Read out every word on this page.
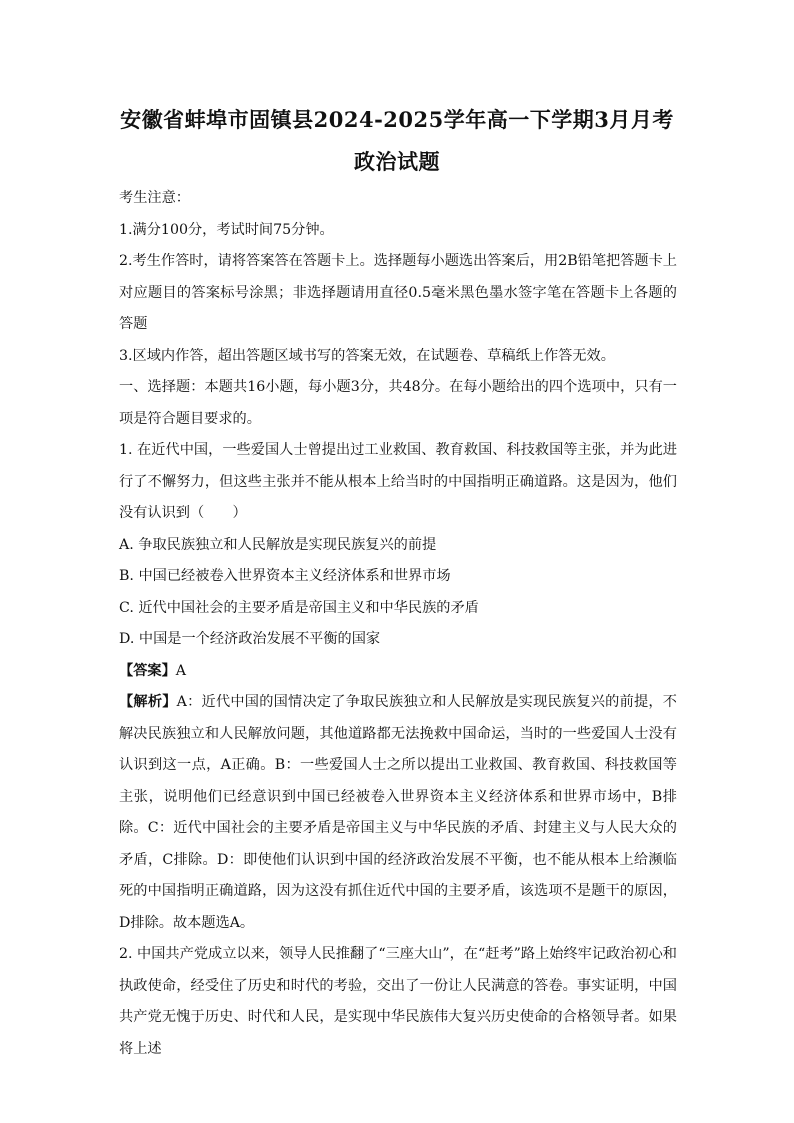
安徽省蚌埠市固镇县2024-2025学年高一下学期3月月考
政治试题

考生注意：

1.满分100分，考试时间75分钟。

2.考生作答时，请将答案答在答题卡上。选择题每小题选出答案后，用2B铅笔把答题卡上对应题目的答案标号涂黑；非选择题请用直径0.5毫米黑色墨水签字笔在答题卡上各题的答题

3.区域内作答，超出答题区域书写的答案无效，在试题卷、草稿纸上作答无效。

一、选择题：本题共16小题，每小题3分，共48分。在每小题给出的四个选项中，只有一项是符合题目要求的。

1. 在近代中国，一些爱国人士曾提出过工业救国、教育救国、科技救国等主张，并为此进行了不懈努力，但这些主张并不能从根本上给当时的中国指明正确道路。这是因为，他们没有认识到（　　）

A. 争取民族独立和人民解放是实现民族复兴的前提

B. 中国已经被卷入世界资本主义经济体系和世界市场

C. 近代中国社会的主要矛盾是帝国主义和中华民族的矛盾

D. 中国是一个经济政治发展不平衡的国家

【答案】A

【解析】A：近代中国的国情决定了争取民族独立和人民解放是实现民族复兴的前提，不解决民族独立和人民解放问题，其他道路都无法挽救中国命运，当时的一些爱国人士没有认识到这一点，A正确。B：一些爱国人士之所以提出工业救国、教育救国、科技救国等主张，说明他们已经意识到中国已经被卷入世界资本主义经济体系和世界市场中，B排除。C：近代中国社会的主要矛盾是帝国主义与中华民族的矛盾、封建主义与人民大众的矛盾，C排除。D：即使他们认识到中国的经济政治发展不平衡，也不能从根本上给濒临死的中国指明正确道路，因为这没有抓住近代中国的主要矛盾，该选项不是题干的原因，D排除。故本题选A。

2. 中国共产党成立以来，领导人民推翻了“三座大山”，在“赶考”路上始终牢记政治初心和执政使命，经受住了历史和时代的考验，交出了一份让人民满意的答卷。事实证明，中国共产党无愧于历史、时代和人民，是实现中华民族伟大复兴历史使命的合格领导者。如果将上述
